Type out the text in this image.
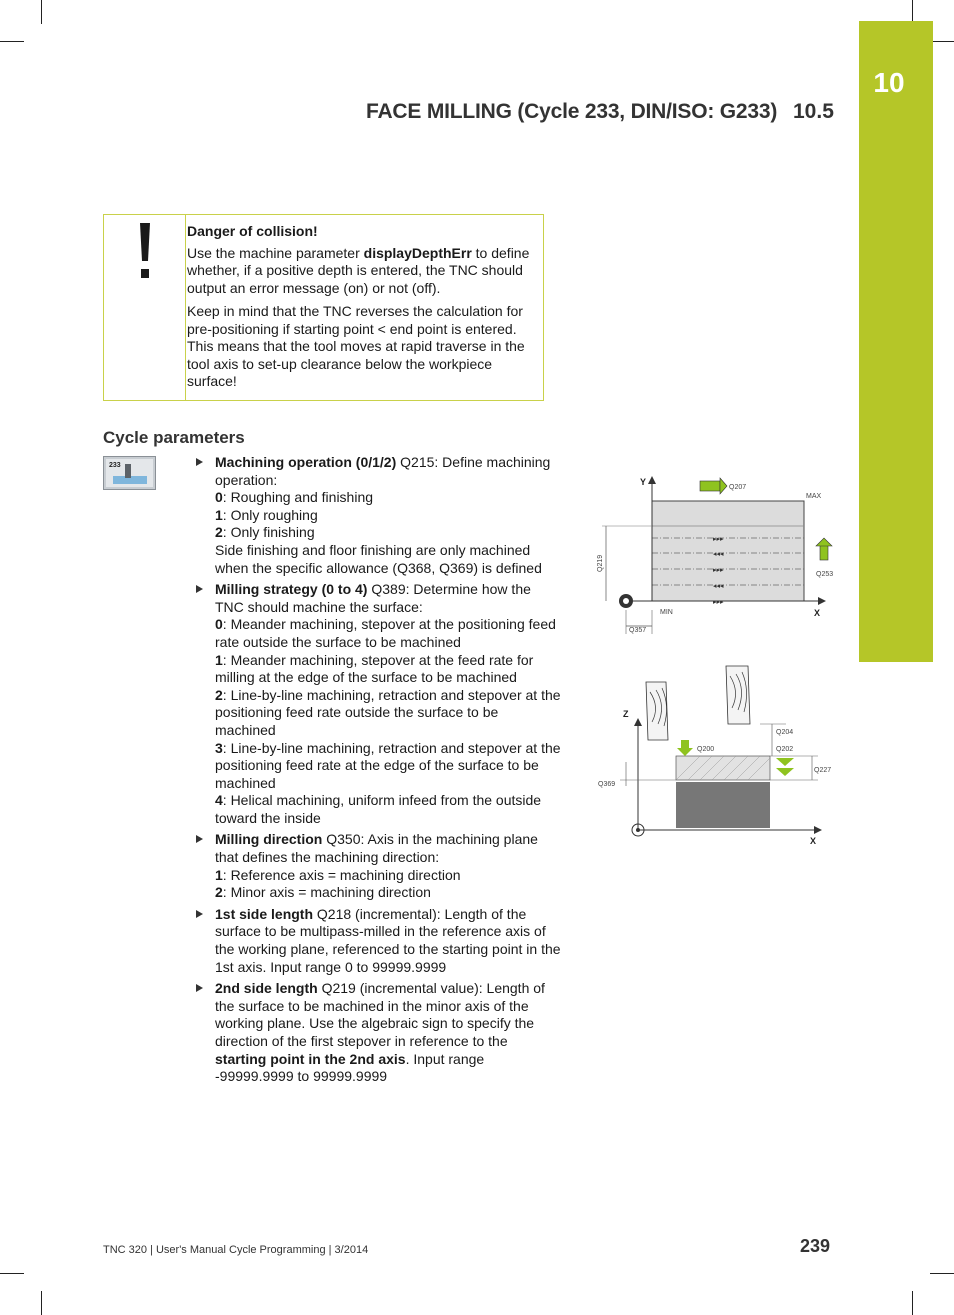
10
FACE MILLING (Cycle 233, DIN/ISO: G233) 10.5

Danger of collision!

Use the machine parameter displayDepthErr to define whether, if a positive depth is entered, the TNC should output an error message (on) or not (off).

Keep in mind that the TNC reverses the calculation for pre-positioning if starting point < end point is entered. This means that the tool moves at rapid traverse in the tool axis to set-up clearance below the workpiece surface!

Cycle parameters
233	Machining operation (0/1/2) Q215: Define machining operation:
0: Roughing and finishing
1: Only roughing
2: Only finishing
Side finishing and floor finishing are only machined when the specific allowance (Q368, Q369) is defined
Milling strategy (0 to 4) Q389: Determine how the TNC should machine the surface:
0: Meander machining, stepover at the positioning feed rate outside the surface to be machined
1: Meander machining, stepover at the feed rate for milling at the edge of the surface to be machined
2: Line-by-line machining, retraction and stepover at the positioning feed rate outside the surface to be machined
3: Line-by-line machining, retraction and stepover at the positioning feed rate at the edge of the surface to be machined
4: Helical machining, uniform infeed from the outside toward the inside
Milling direction Q350: Axis in the machining plane that defines the machining direction:
1: Reference axis = machining direction
2: Minor axis = machining direction
1st side length Q218 (incremental): Length of the surface to be multipass-milled in the reference axis of the working plane, referenced to the starting point in the 1st axis. Input range 0 to 99999.9999
2nd side length Q219 (incremental value): Length of the surface to be machined in the minor axis of the working plane. Use the algebraic sign to specify the direction of the first stepover in reference to the starting point in the 2nd axis. Input range -99999.9999 to 99999.9999
▸▸▸
◂◂◂
▸▸▸
◂◂◂
▸▸▸
Y
X
Q207
MAX
MIN
Q219
Q253
Q357
Z
X
Q200
Q204
Q202
Q227
Q369
TNC 320 | User's Manual Cycle Programming | 3/2014	239
